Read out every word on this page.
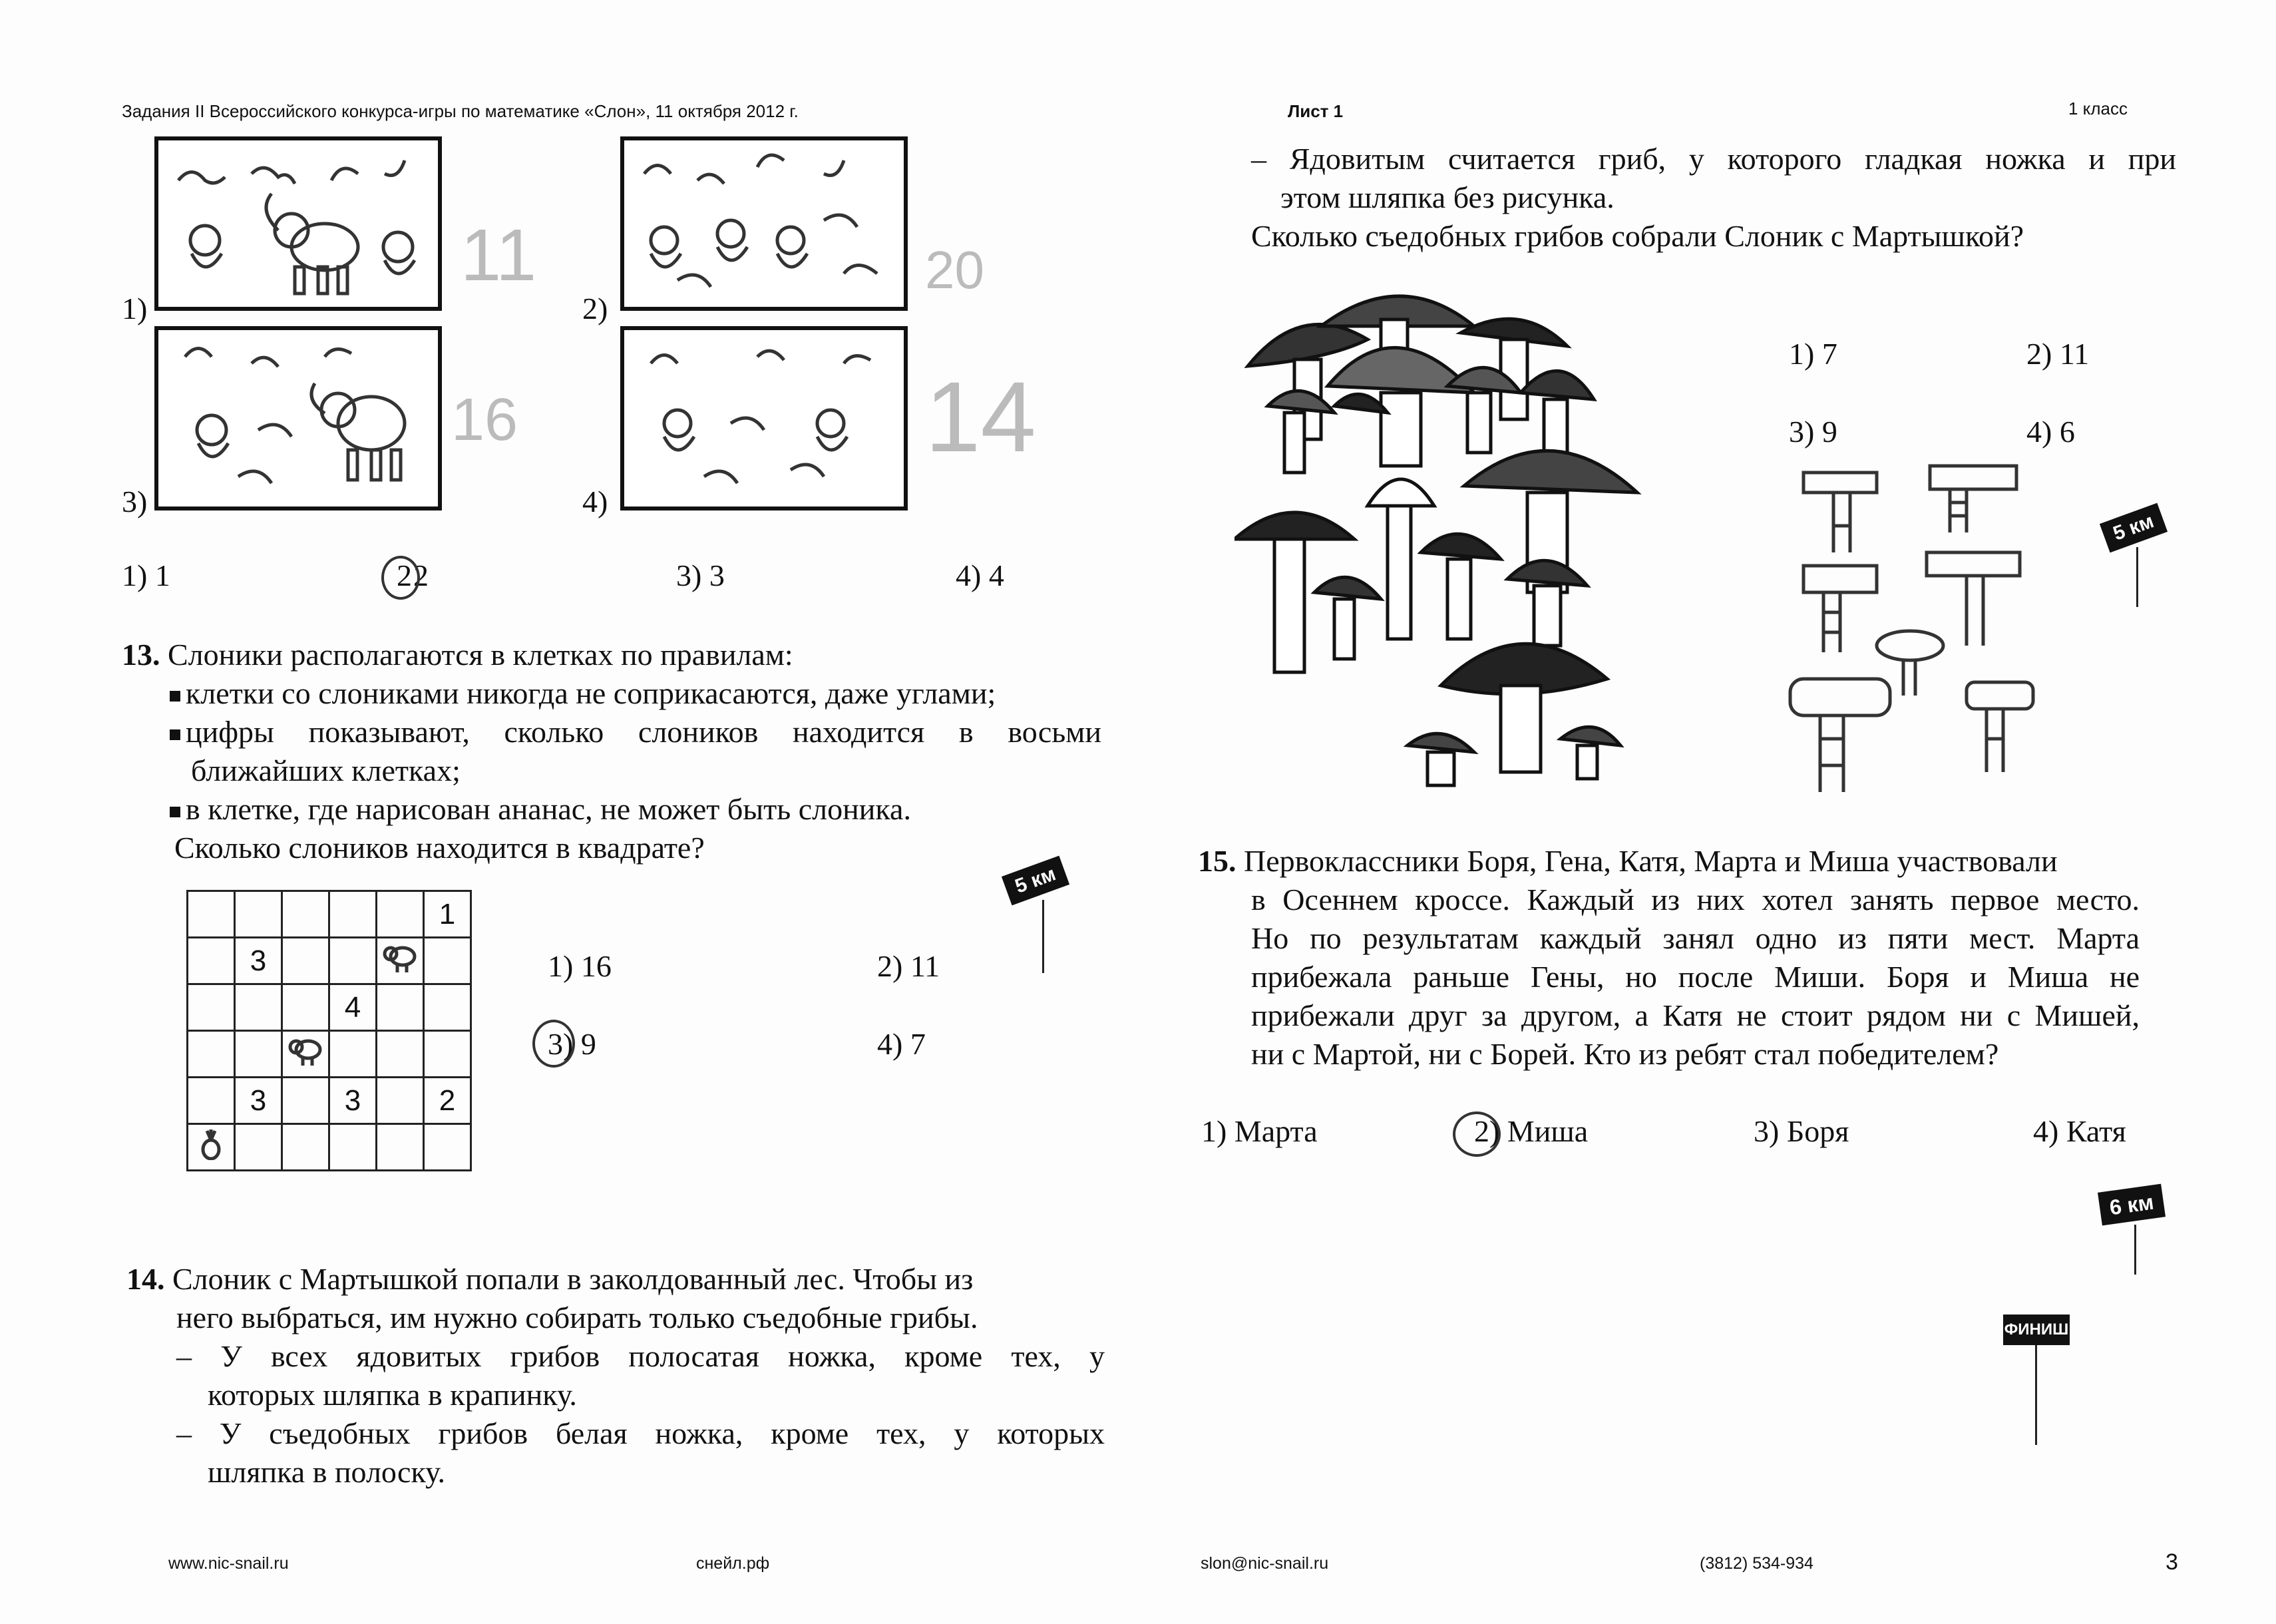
Задания II Всероссийского конкурса-игры по математике «Слон», 11 октября 2012 г.	Лист 1	1 класс
1)
11
2)
20
3)
16
4)
14
1) 1	2 2	3) 3	4) 4
13. Слоники располагаются в клетках по правилам:
клетки со слониками никогда не соприкасаются, даже углами;
цифры показывают, сколько слоников находится в восьми
ближайших клетках;
в клетке, где нарисован ананас, не может быть слоника.
Сколько слоников находится в квадрате?
					1
	3				
			4		

	3		3		2

1) 16	2) 11
3 ) 9	4) 7
14. Слоник с Мартышкой попали в заколдованный лес. Чтобы из
него выбраться, им нужно собирать только съедобные грибы.
– У всех ядовитых грибов полосатая ножка, кроме тех, у
которых шляпка в крапинку.
– У съедобных грибов белая ножка, кроме тех, у которых
шляпка в полоску.
– Ядовитым считается гриб, у которого гладкая ножка и при
этом шляпка без рисунка.
Сколько съедобных грибов собрали Слоник с Мартышкой?
1) 7	2) 11
3) 9	4) 6
15. Первоклассники Боря, Гена, Катя, Марта и Миша участвовали
в Осеннем кроссе. Каждый из них хотел занять первое место.
Но по результатам каждый занял одно из пяти мест. Марта
прибежала раньше Гены, но после Миши. Боря и Миша не
прибежали друг за другом, а Катя не стоит рядом ни с Мишей,
ни с Мартой, ни с Борей. Кто из ребят стал победителем?
1) Марта	2 ) Миша	3) Боря	4) Катя
5 км
5 км
6 км
ФИНИШ
www.nic-snail.ru	снейл.рф	slon@nic-snail.ru	(3812) 534-934	3
